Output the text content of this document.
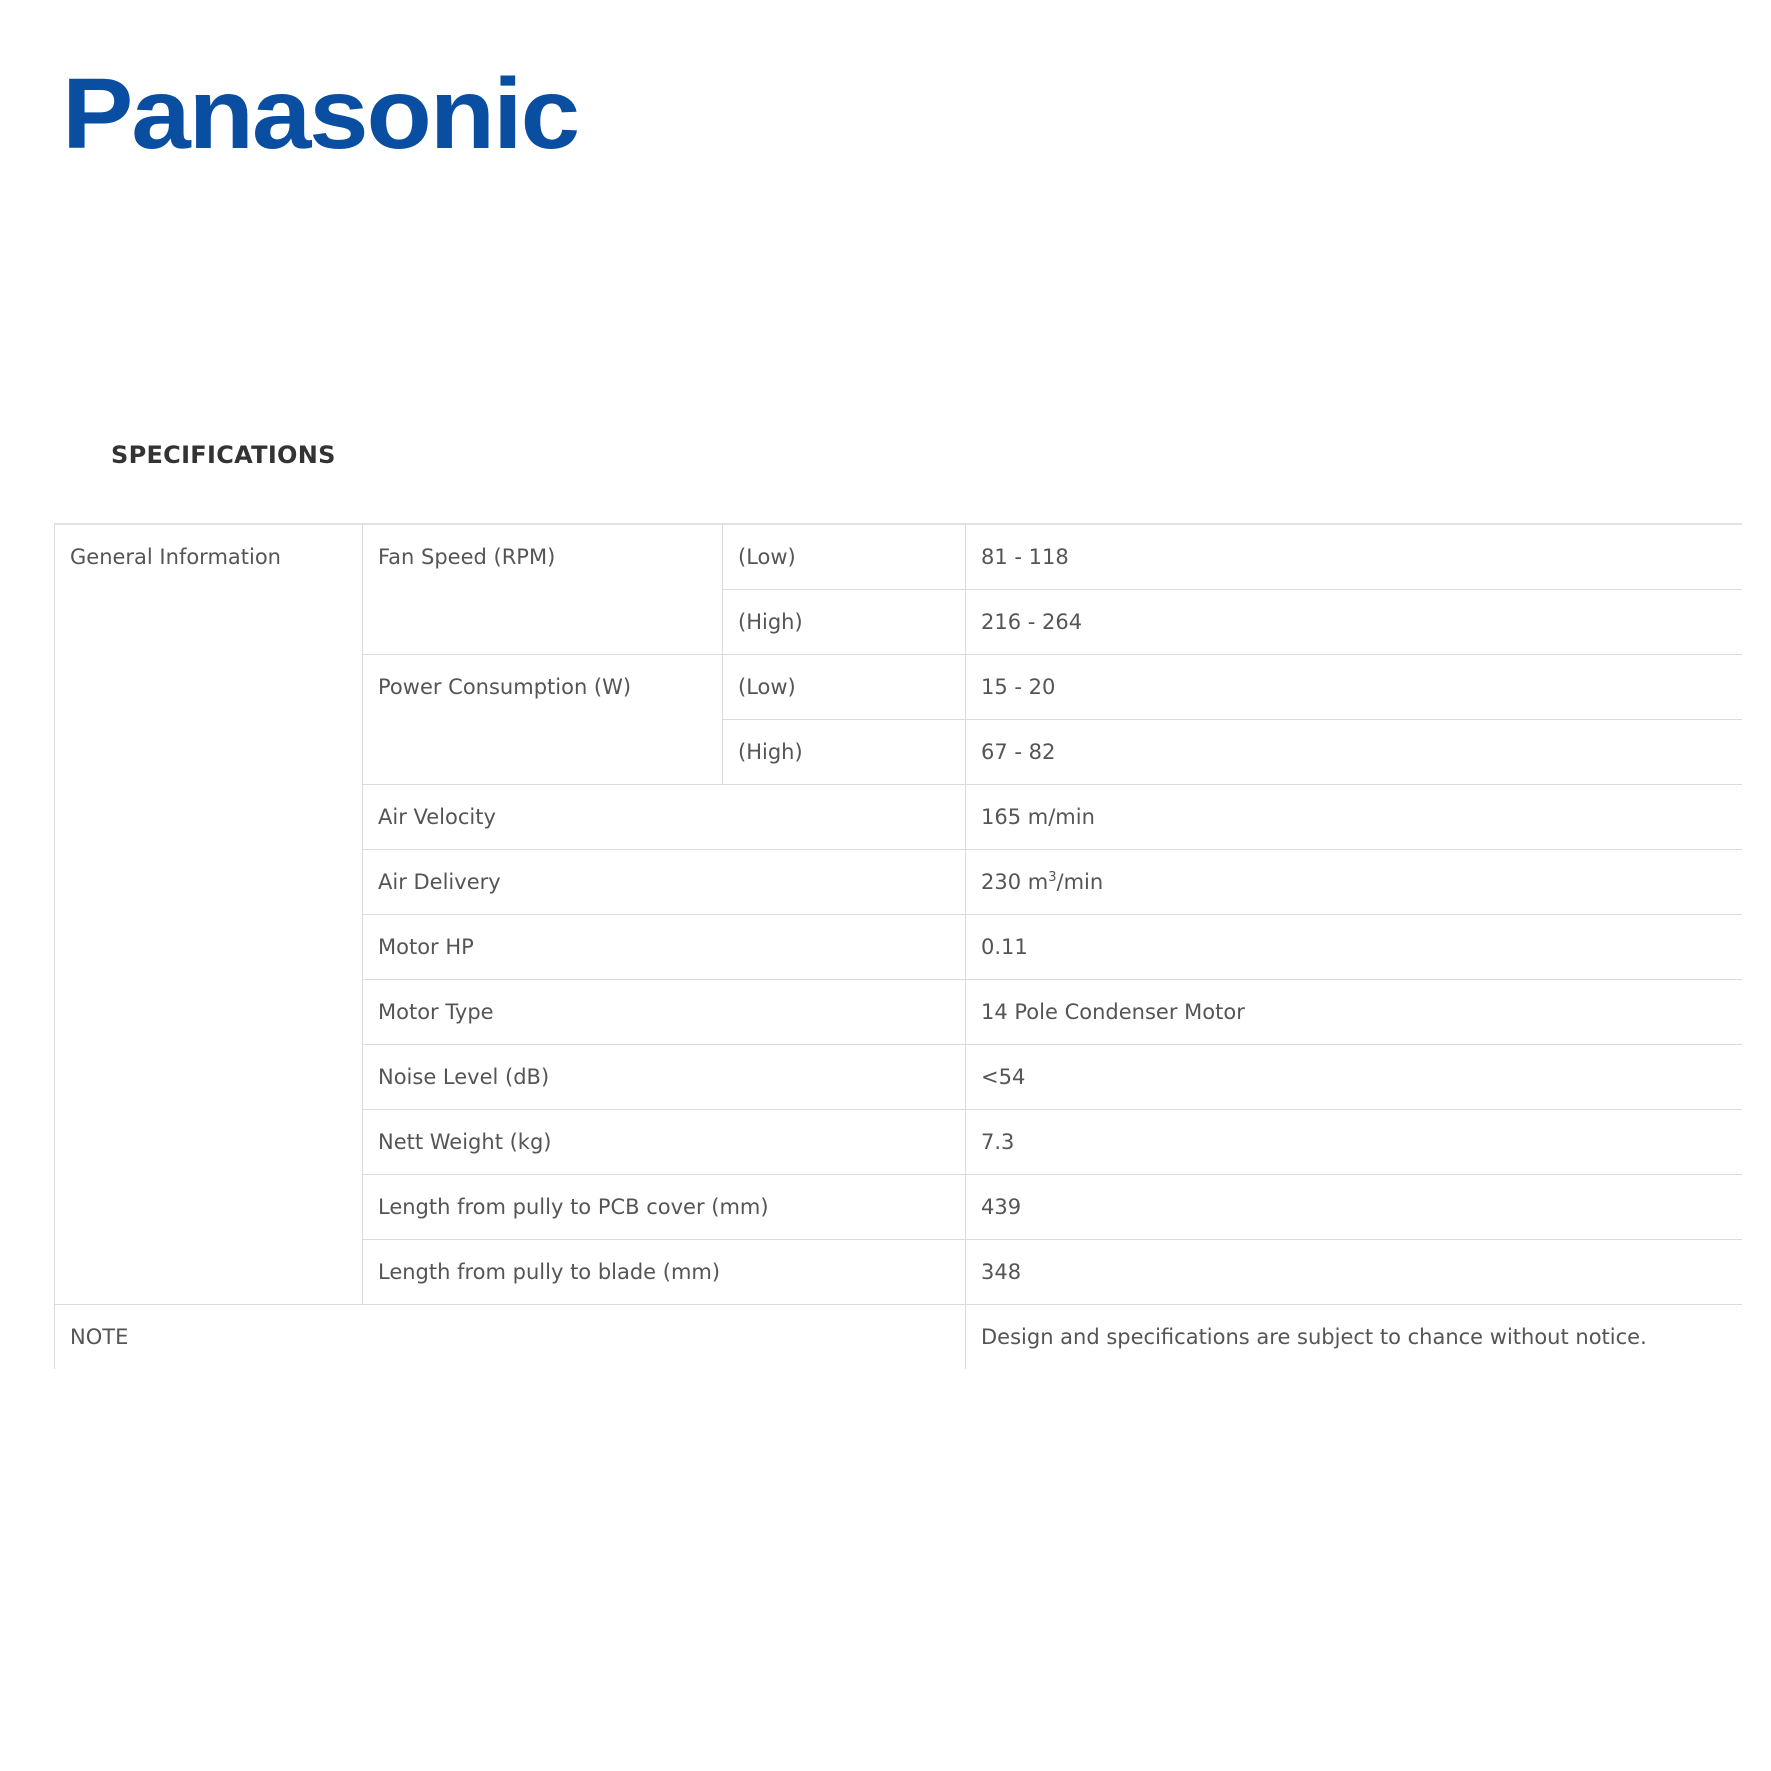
Panasonic
SPECIFICATIONS
General Information	Fan Speed (RPM)	(Low)	81 - 118
		(High)	216 - 264
	Power Consumption (W)	(Low)	15 - 20
		(High)	67 - 82
	Air Velocity		165 m/min
	Air Delivery		230 $m^3/\min$
	Motor HP		0.11
	Motor Type		14 Pole Condenser Motor
	Noise Level (dB)		<54
	Nett Weight (kg)		7.3
	Length from pully to PCB cover (mm)		439
	Length from pully to blade (mm)		348
NOTE			Design and specifications are subject to chance without notice.
